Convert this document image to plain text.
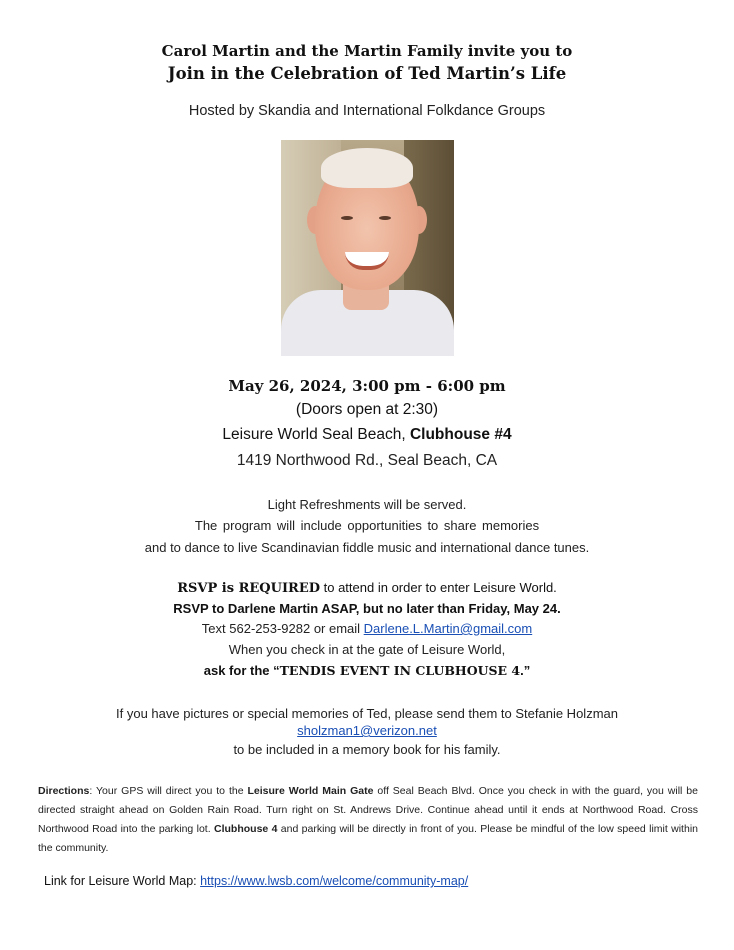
Carol Martin and the Martin Family invite you to
Join in the Celebration of Ted Martin’s Life
Hosted by Skandia and International Folkdance Groups
May 26, 2024, 3:00 pm - 6:00 pm
(Doors open at 2:30)
Leisure World Seal Beach, Clubhouse #4
1419 Northwood Rd., Seal Beach, CA
Light Refreshments will be served.
The program will include opportunities to share memories
and to dance to live Scandinavian fiddle music and international dance tunes.
RSVP is REQUIRED to attend in order to enter Leisure World.
RSVP to Darlene Martin ASAP, but no later than Friday, May 24.
Text 562-253-9282 or email Darlene.L.Martin@gmail.com
When you check in at the gate of Leisure World,
ask for the “TENDIS EVENT IN CLUBHOUSE 4.”
If you have pictures or special memories of Ted, please send them to Stefanie Holzman
sholzman1@verizon.net
to be included in a memory book for his family.
Directions: Your GPS will direct you to the Leisure World Main Gate off Seal Beach Blvd. Once you check in with the guard, you will be directed straight ahead on Golden Rain Road. Turn right on St. Andrews Drive. Continue ahead until it ends at Northwood Road. Cross Northwood Road into the parking lot. Clubhouse 4 and parking will be directly in front of you. Please be mindful of the low speed limit within the community.
Link for Leisure World Map: https://www.lwsb.com/welcome/community-map/
